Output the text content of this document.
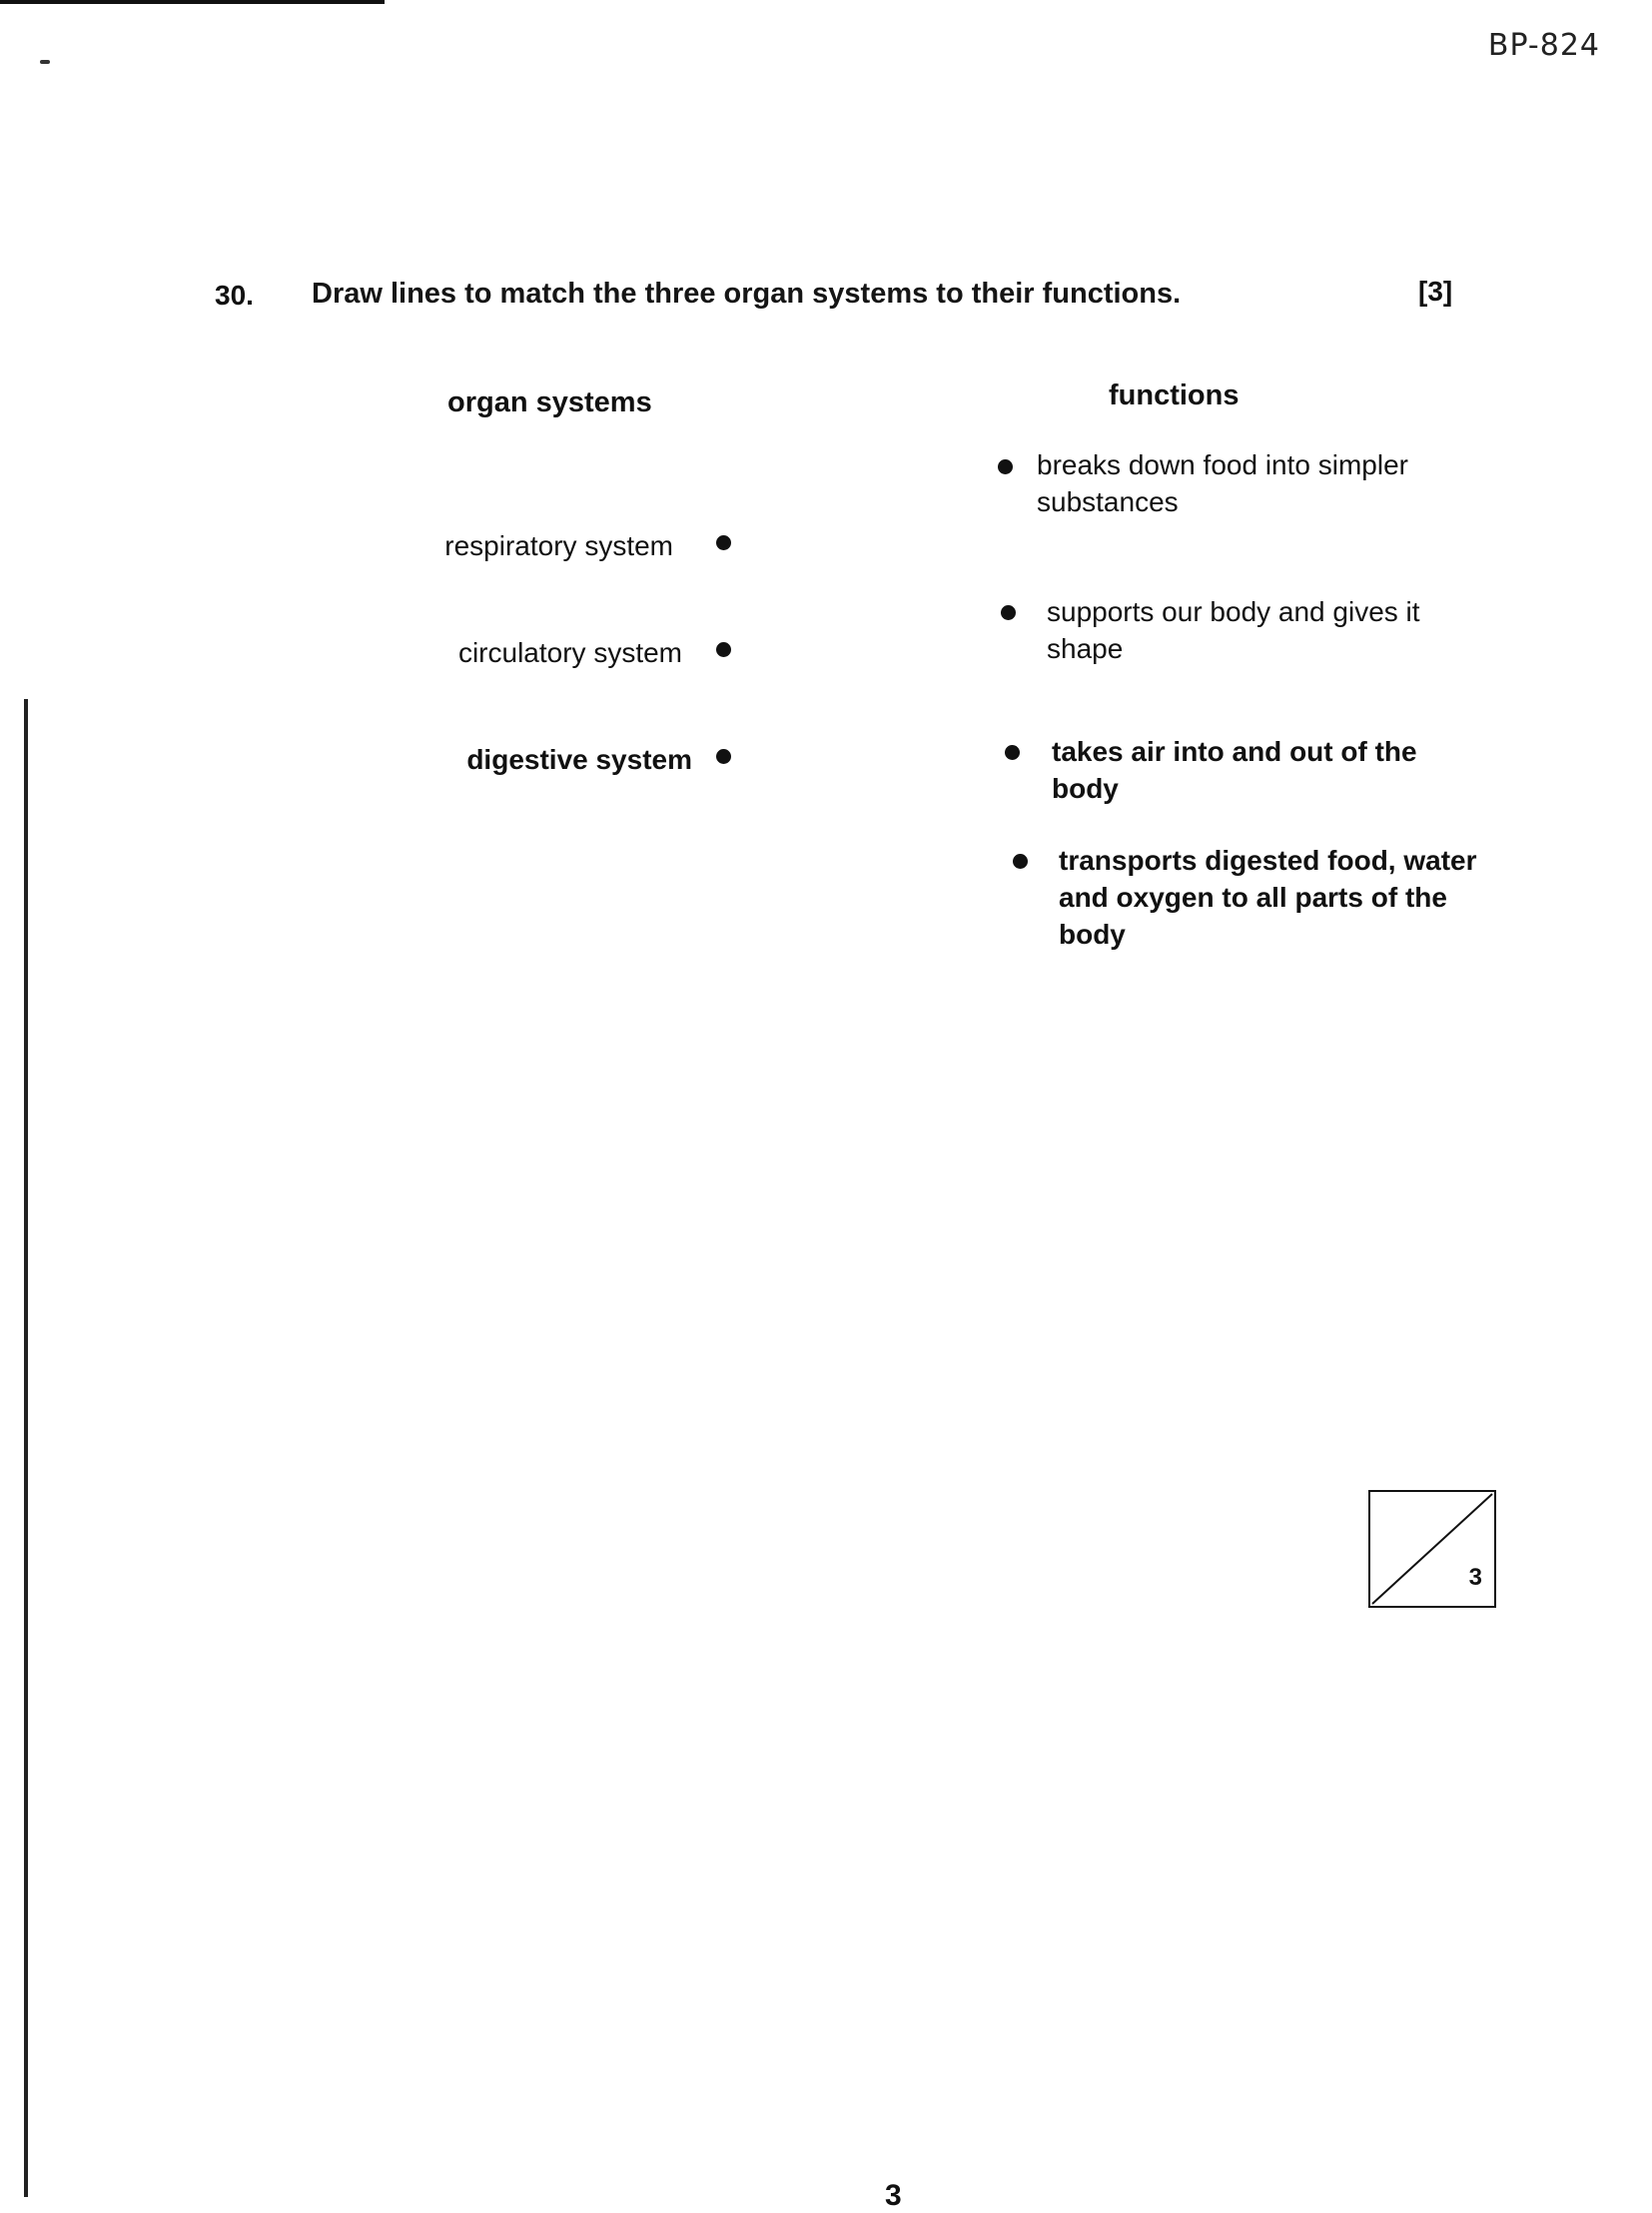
BP-824
30. Draw lines to match the three organ systems to their functions.	[3]
organ systems	functions
respiratory system
circulatory system
digestive system
breaks down food into simpler substances
supports our body and gives it shape
takes air into and out of the body
transports digested food, water and oxygen to all parts of the body
3
3
